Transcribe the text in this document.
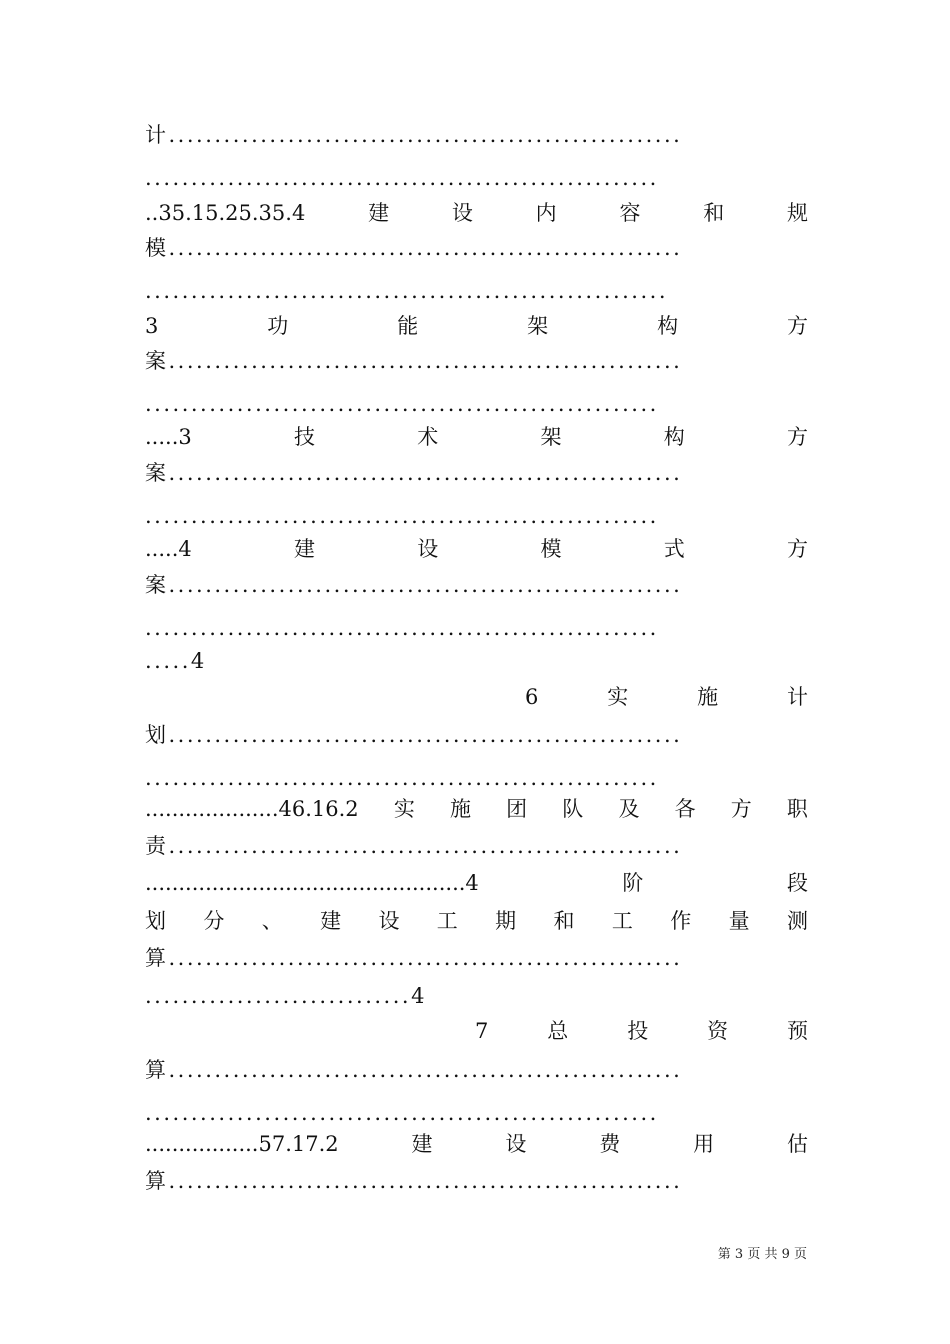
计........................................................
........................................................
..35.15.25.35.4	建	设	内	容	和	规
模........................................................
.........................................................
3	功	能	架	构	方
案........................................................
........................................................
.....3	技	术	架	构	方
案........................................................
........................................................
.....4	建	设	模	式	方
案........................................................
........................................................
.....4
6	实	施	计
划........................................................
........................................................
....................46.16.2 实 施 团 队 及 各 方 职
责........................................................
................................................4	阶	段
划 分 、 建 设 工 期 和 工 作 量 测
算........................................................
.............................4
7	总	投	资	预
算........................................................
........................................................
.................57.17.2	建	设	费	用	估
算........................................................
第 3 页 共 9 页
